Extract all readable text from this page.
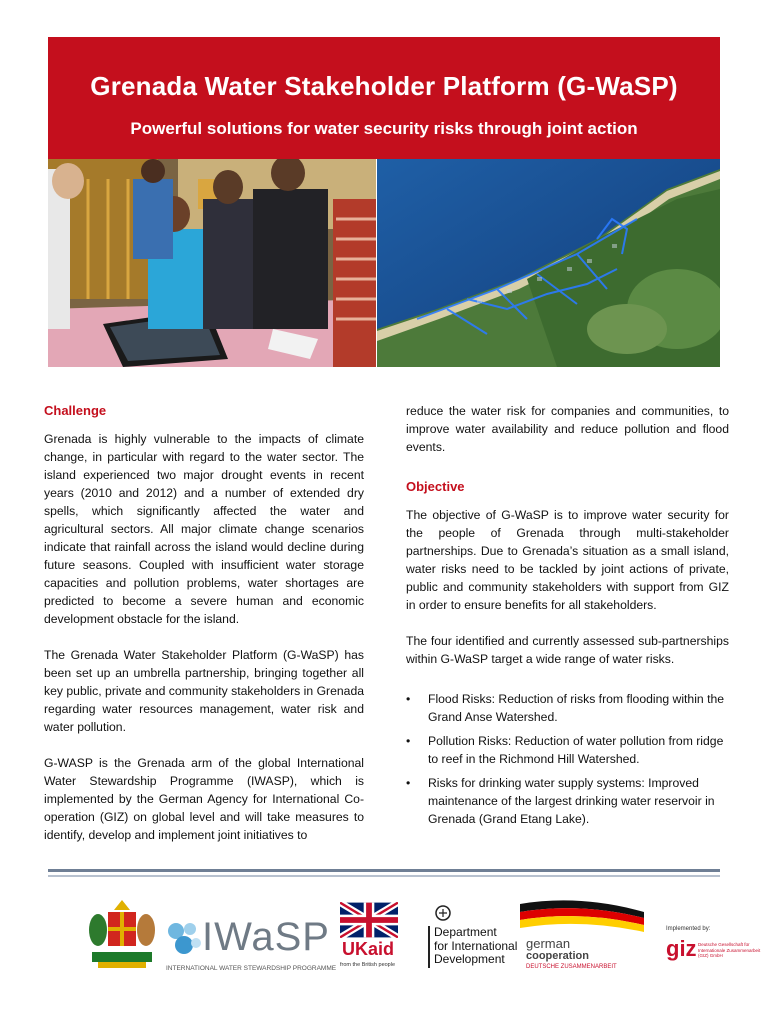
Grenada Water Stakeholder Platform (G-WaSP)
Powerful solutions for water security risks through joint action
Challenge

Grenada is highly vulnerable to the impacts of climate change, in particular with regard to the water sector. The island experienced two major drought events in recent years (2010 and 2012) and a number of extended dry spells, which significantly affected the water and agricultural sectors. All major climate change scenarios indicate that rainfall across the island would decline during future seasons. Coupled with insufficient water storage capacities and pollution problems, water shortages are predicted to become a severe human and economic development obstacle for the island.

The Grenada Water Stakeholder Platform (G-WaSP) has been set up an umbrella partnership, bringing together all key public, private and community stakeholders in Grenada regarding water resources management, water risk and water pollution.

G-WASP is the Grenada arm of the global International Water Stewardship Programme (IWASP), which is implemented by the German Agency for International Co-operation (GIZ) on global level and will take measures to identify, develop and implement joint initiatives to

reduce the water risk for companies and communities, to improve water availability and reduce pollution and flood events.

Objective

The objective of G-WaSP is to improve water security for the people of Grenada through multi-stakeholder partnerships. Due to Grenada’s situation as a small island, water risks need to be tackled by joint actions of private, public and community stakeholders with support from GIZ in order to ensure benefits for all stakeholders.

The four identified and currently assessed sub-partnerships within G-WaSP target a wide range of water risks.

• Flood Risks: Reduction of risks from flooding within the Grand Anse Watershed.
• Pollution Risks: Reduction of water pollution from ridge to reef in the Richmond Hill Watershed.
• Risks for drinking water supply systems: Improved maintenance of the largest drinking water reservoir in Grenada (Grand Etang Lake).
IWaSP
INTERNATIONAL WATER STEWARDSHIP PROGRAMME
UKaid
from the British people
Department
for International
Development
german
cooperation
DEUTSCHE ZUSAMMENARBEIT
Implemented by:
giz Deutsche Gesellschaft für Internationale Zusammenarbeit (GIZ) GmbH
